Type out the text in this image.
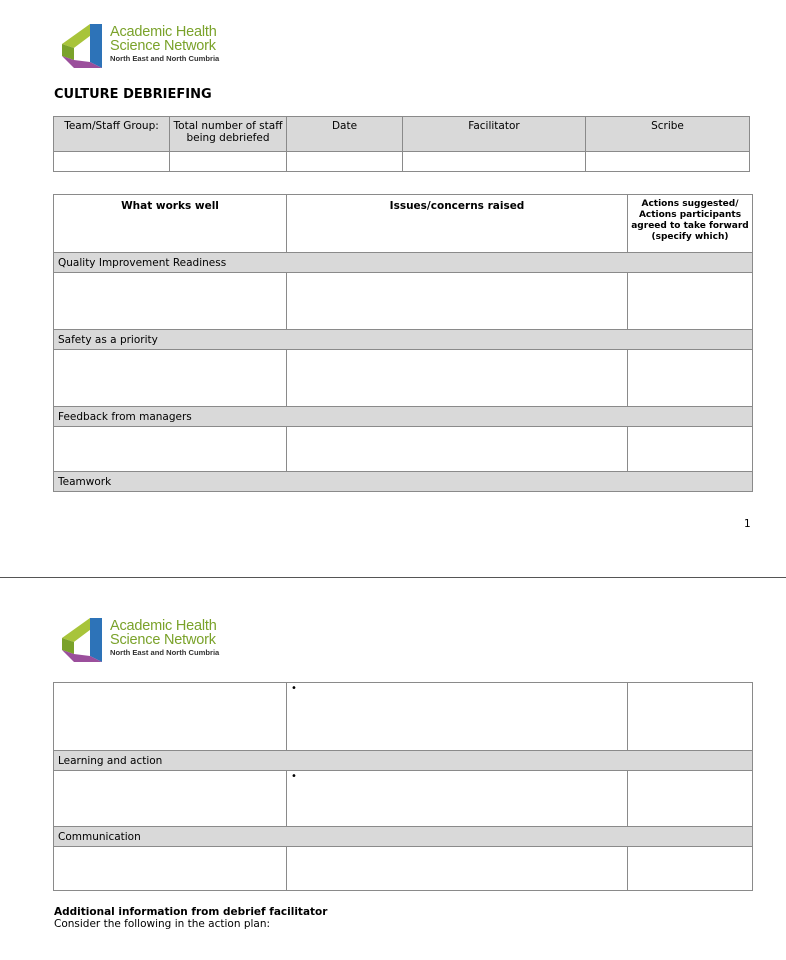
Academic Health
Science Network
North East and North Cumbria
CULTURE DEBRIEFING
Team/Staff Group:	Total number of staff being debriefed	Date	Facilitator	Scribe

What works well	Issues/concerns raised	Actions suggested/ Actions participants agreed to take forward (specify which)
Quality Improvement Readiness		

Safety as a priority		

Feedback from managers		

Teamwork		
1
Academic Health
Science Network
North East and North Cumbria

	•	

Learning and action		

	•	

Communication		

Additional information from debrief facilitator
Consider the following in the action plan:
